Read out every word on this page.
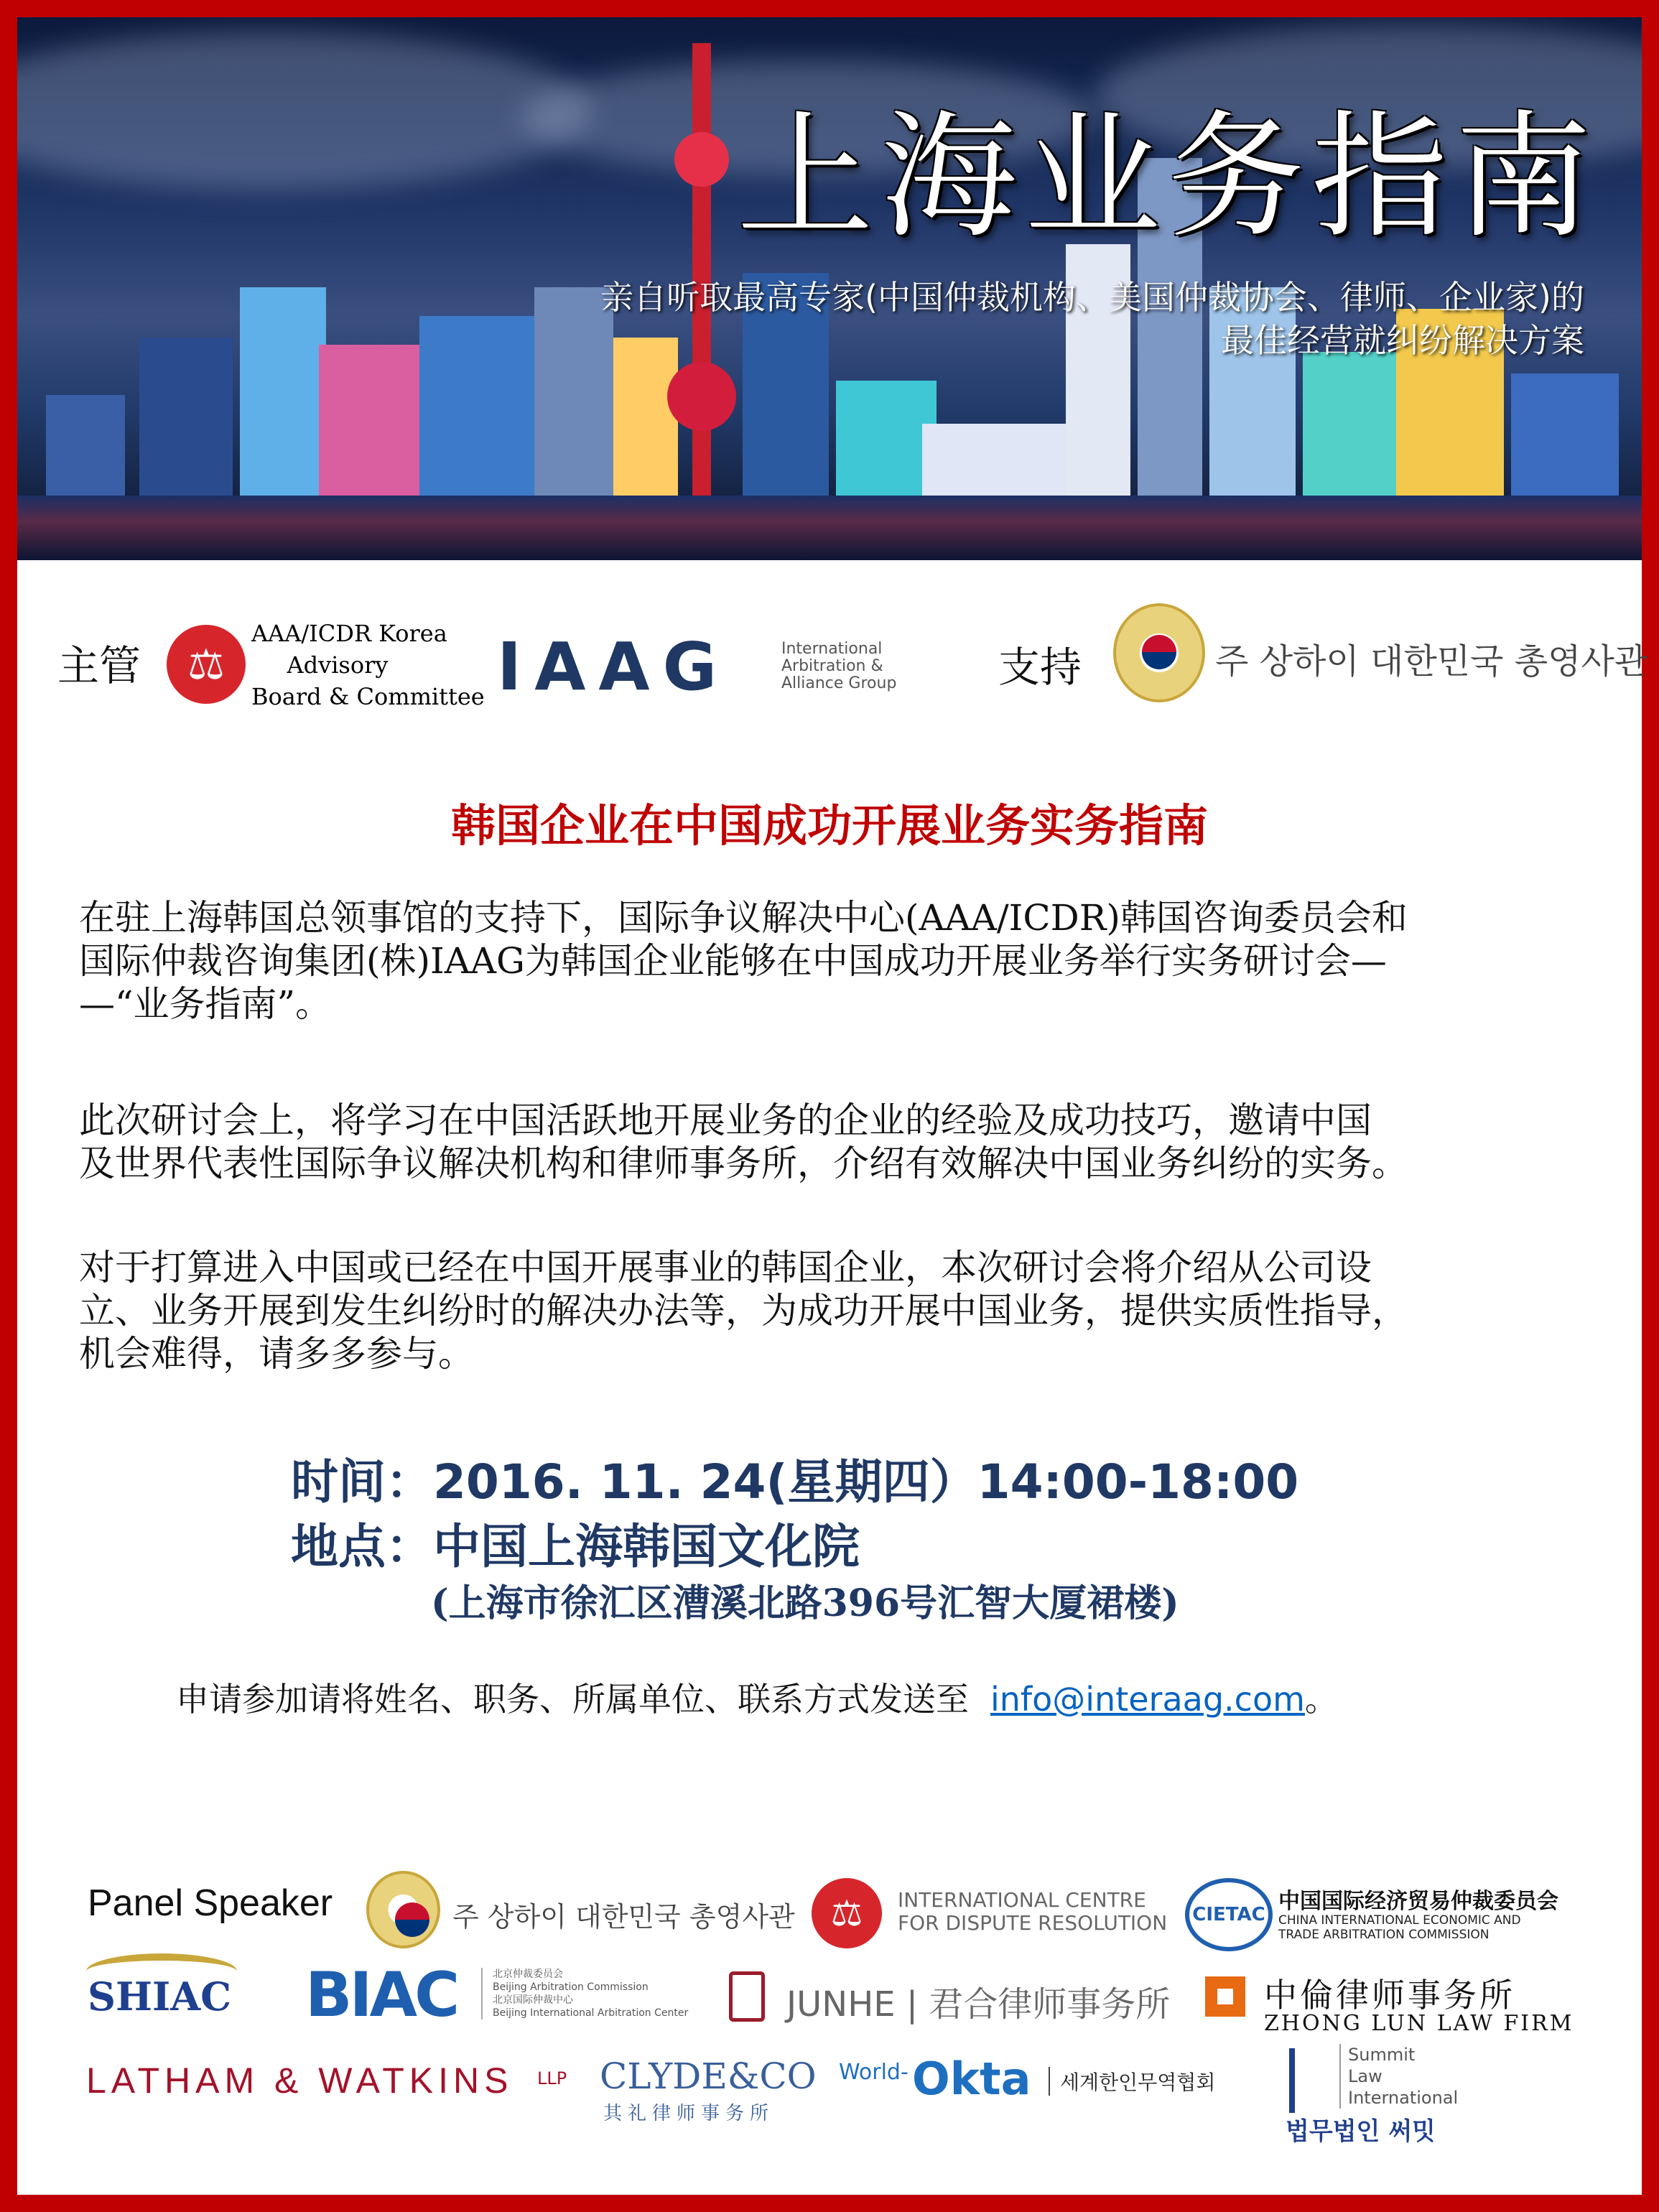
上海业务指南
亲自听取最高专家(中国仲裁机构、美国仲裁协会、律师、企业家)的
最佳经营就纠纷解决方案
主管	⚖
AAA/ICDR Korea
Advisory
Board & Committee IAAG	International
Arbitration &
Alliance Group 支持	주 상하이 대한민국 총영사관
韩国企业在中国成功开展业务实务指南
在驻上海韩国总领事馆的支持下，国际争议解决中心(AAA/ICDR)韩国咨询委员会和
国际仲裁咨询集团(株)IAAG为韩国企业能够在中国成功开展业务举行实务研讨会—
—“业务指南”。
此次研讨会上，将学习在中国活跃地开展业务的企业的经验及成功技巧，邀请中国
及世界代表性国际争议解决机构和律师事务所，介绍有效解决中国业务纠纷的实务。
对于打算进入中国或已经在中国开展事业的韩国企业，本次研讨会将介绍从公司设
立、业务开展到发生纠纷时的解决办法等，为成功开展中国业务，提供实质性指导，
机会难得，请多多参与。
时间：2016. 11. 24(星期四）14:00-18:00
地点：中国上海韩国文化院
(上海市徐汇区漕溪北路396号汇智大厦裙楼)
申请参加请将姓名、职务、所属单位、联系方式发送至 info@interaag.com。
Panel Speaker	주 상하이 대한민국 총영사관 ⚖	INTERNATIONAL CENTRE
FOR DISPUTE RESOLUTION	CIETAC
中国国际经济贸易仲裁委员会
CHINA INTERNATIONAL ECONOMIC AND
TRADE ARBITRATION COMMISSION
SHIAC BIAC	北京仲裁委员会
Beijing Arbitration Commission
北京国际仲裁中心
Beijing International Arbitration Center	JUNHE | 君合律师事务所	中倫律师事务所
ZHONG LUN LAW FIRM
LATHAM & WATKINS LLP CLYDE&CO
其礼律师事务所
World- Okta	세계한인무역협회
Summit
Law
International
법무법인 써밋
